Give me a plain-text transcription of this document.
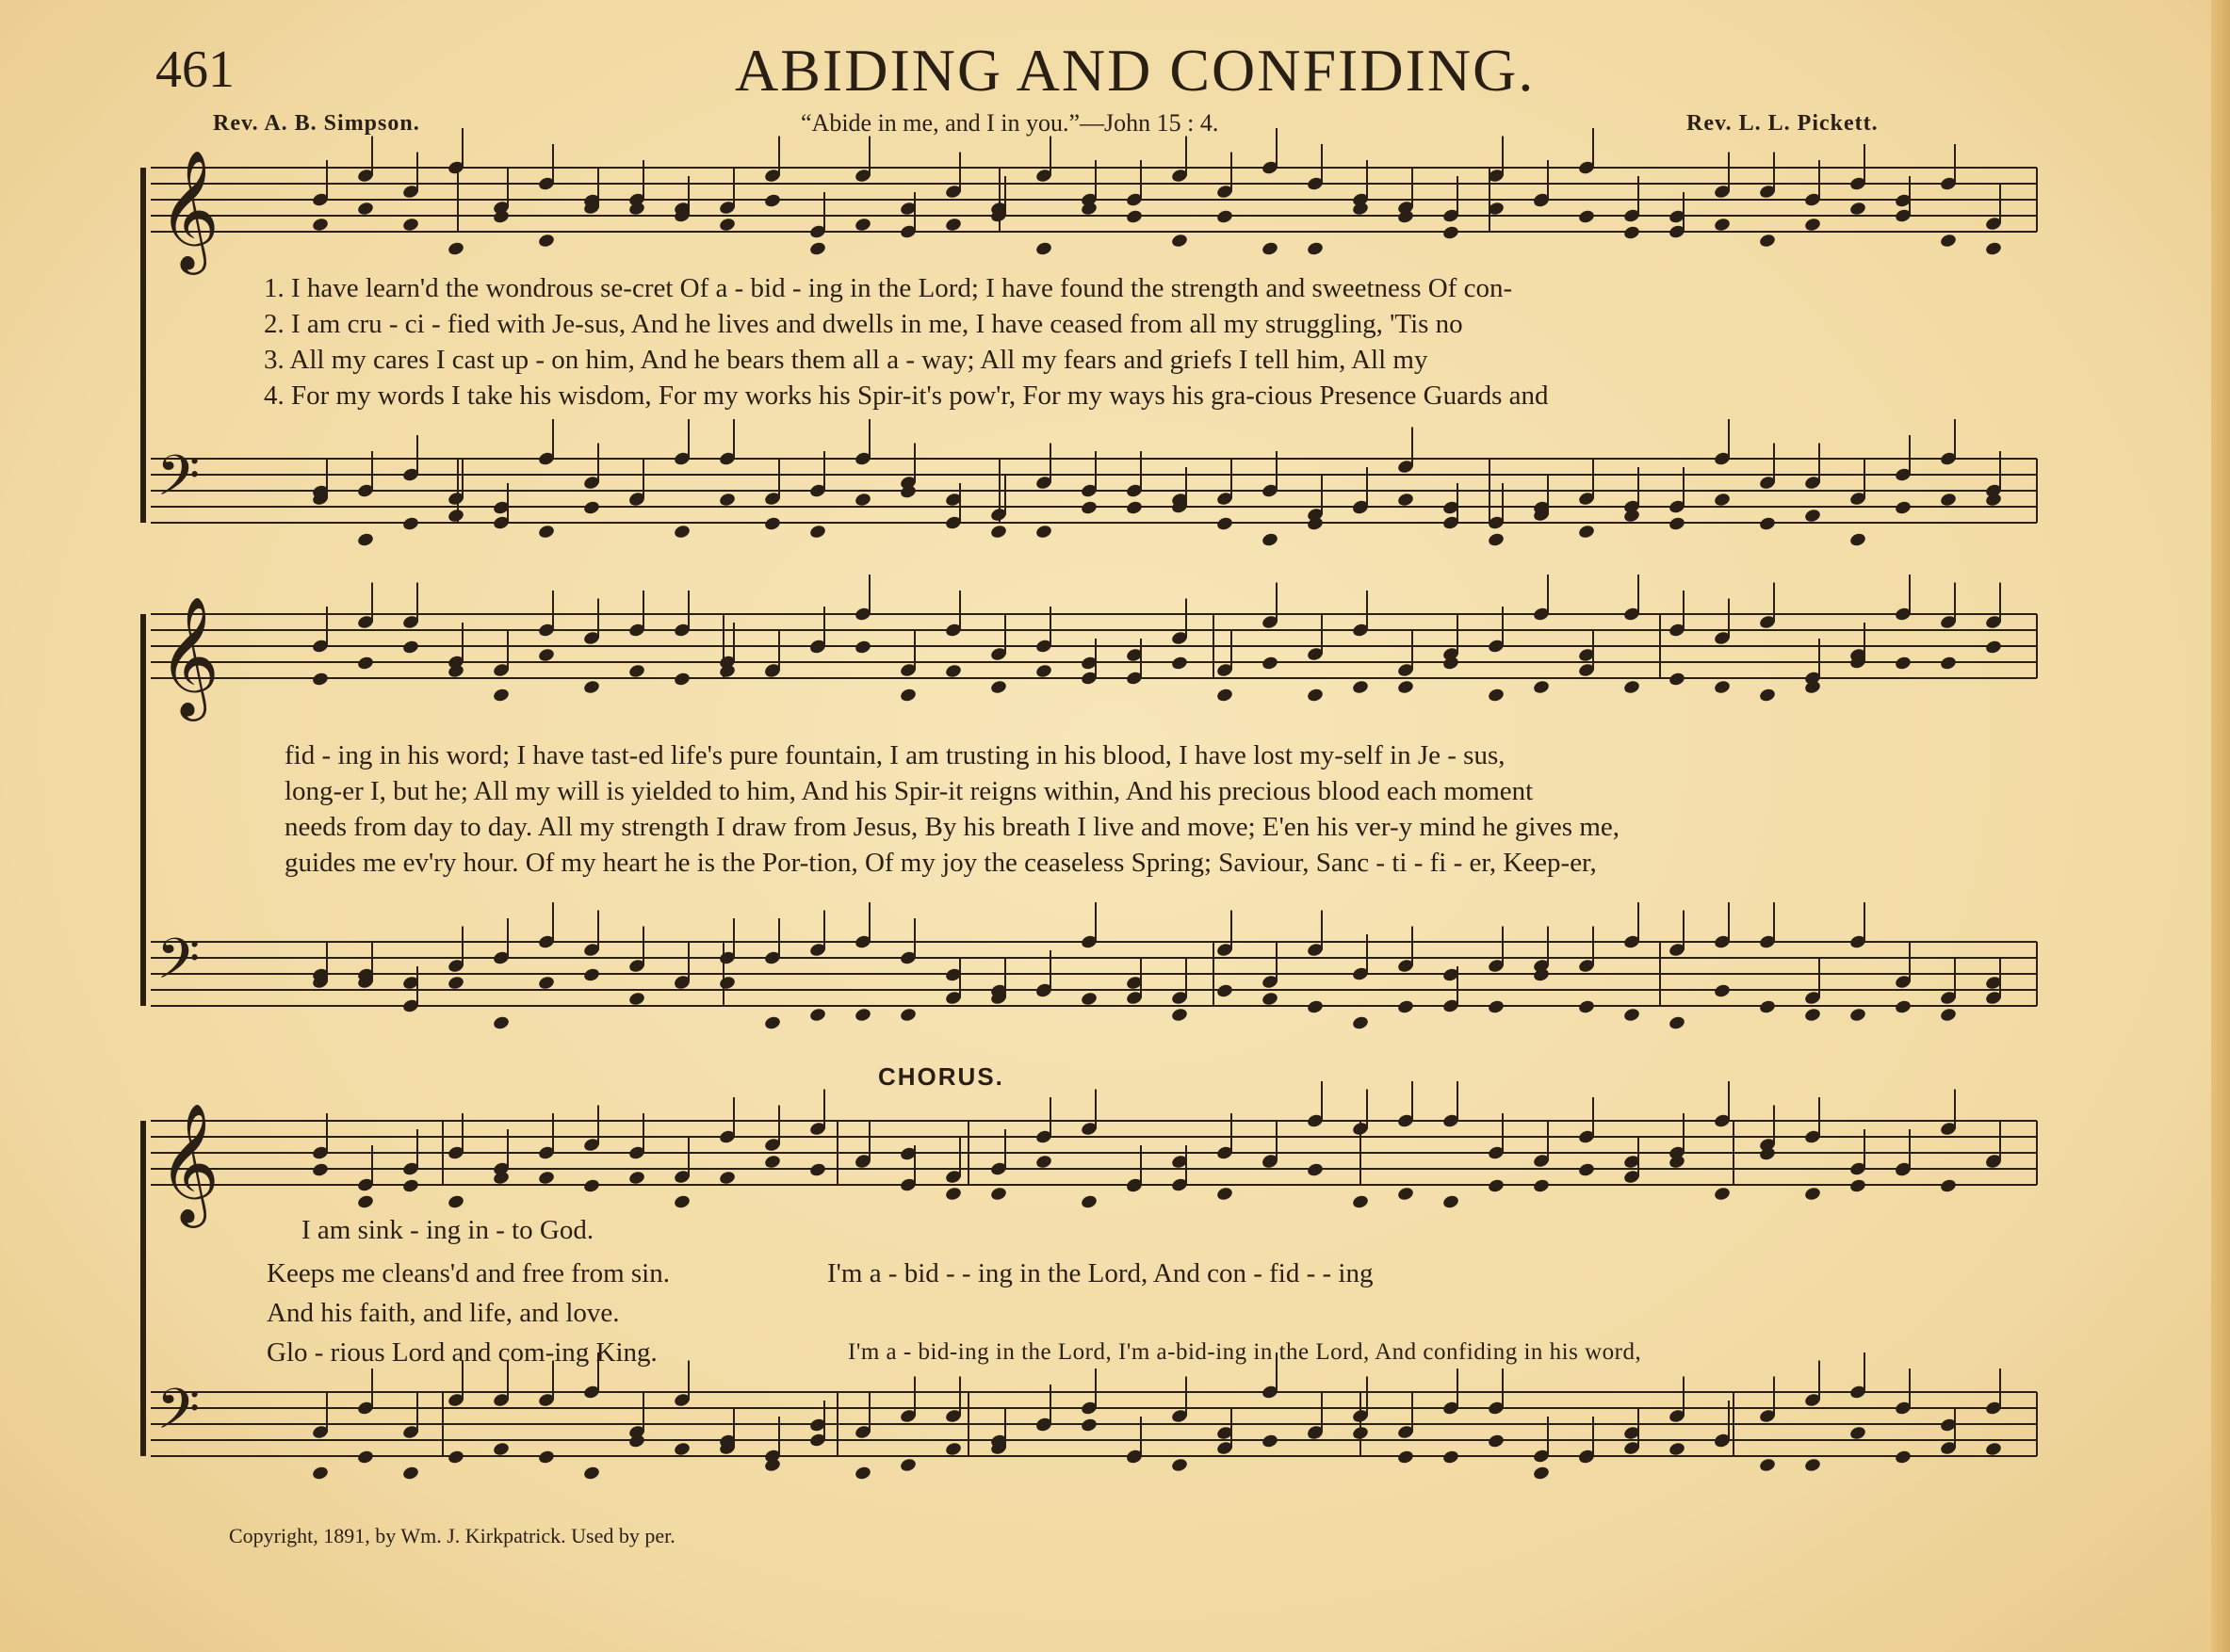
461	ABIDING AND CONFIDING.
Rev. A. B. Simpson.	“Abide in me, and I in you.”—John 15 : 4.	Rev. L. L. Pickett.
𝄞
𝄢
𝄞
𝄢
𝄞
𝄢
1. I have learn'd the wondrous se-cret Of a - bid - ing in the Lord; I have found the strength and sweetness Of con-
2. I am cru - ci - fied with Je-sus, And he lives and dwells in me, I have ceased from all my struggling, 'Tis no
3. All my cares I cast up - on him, And he bears them all a - way; All my fears and griefs I tell him, All my
4. For my words I take his wisdom, For my works his Spir-it's pow'r, For my ways his gra-cious Presence Guards and
fid - ing in his word; I have tast-ed life's pure fountain, I am trusting in his blood, I have lost my-self in Je - sus,
long-er I, but he; All my will is yielded to him, And his Spir-it reigns within, And his precious blood each moment
needs from day to day. All my strength I draw from Jesus, By his breath I live and move; E'en his ver-y mind he gives me,
guides me ev'ry hour. Of my heart he is the Por-tion, Of my joy the ceaseless Spring; Saviour, Sanc - ti - fi - er, Keep-er,
CHORUS.
I am sink - ing in - to God.
Keeps me cleans'd and free from sin.
And his faith, and life, and love.
Glo - rious Lord and com-ing King.
I'm a - bid - - ing in the Lord, And con - fid - - ing
I'm a - bid-ing in the Lord, I'm a-bid-ing in the Lord, And confiding in his word,
Copyright, 1891, by Wm. J. Kirkpatrick. Used by per.
